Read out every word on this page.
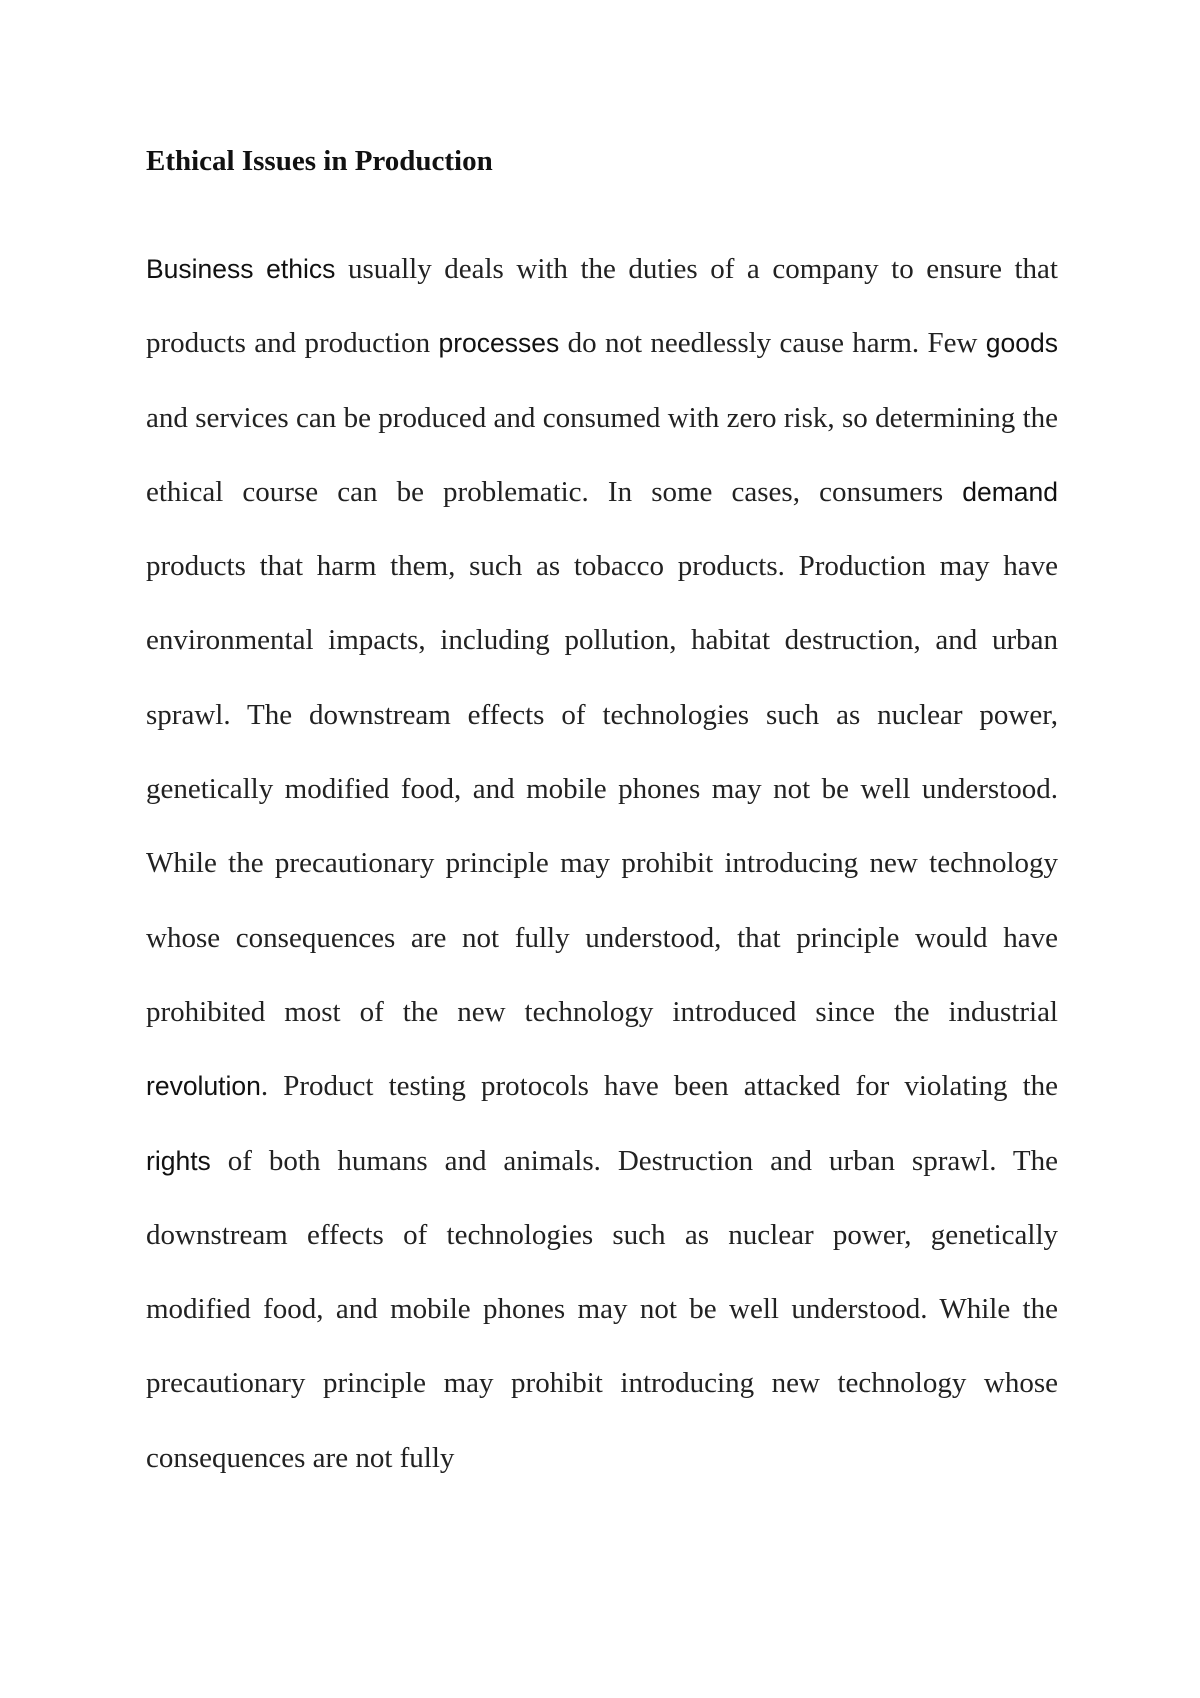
Ethical Issues in Production

Business ethics usually deals with the duties of a company to ensure that products and production processes do not needlessly cause harm. Few goods and services can be produced and consumed with zero risk, so determining the ethical course can be problematic. In some cases, consumers demand products that harm them, such as tobacco products. Production may have environmental impacts, including pollution, habitat destruction, and urban sprawl. The downstream effects of technologies such as nuclear power, genetically modified food, and mobile phones may not be well understood. While the precautionary principle may prohibit introducing new technology whose consequences are not fully understood, that principle would have prohibited most of the new technology introduced since the industrial revolution. Product testing protocols have been attacked for violating the rights of both humans and animals. Destruction and urban sprawl. The downstream effects of technologies such as nuclear power, genetically modified food, and mobile phones may not be well understood. While the precautionary principle may prohibit introducing new technology whose consequences are not fully
